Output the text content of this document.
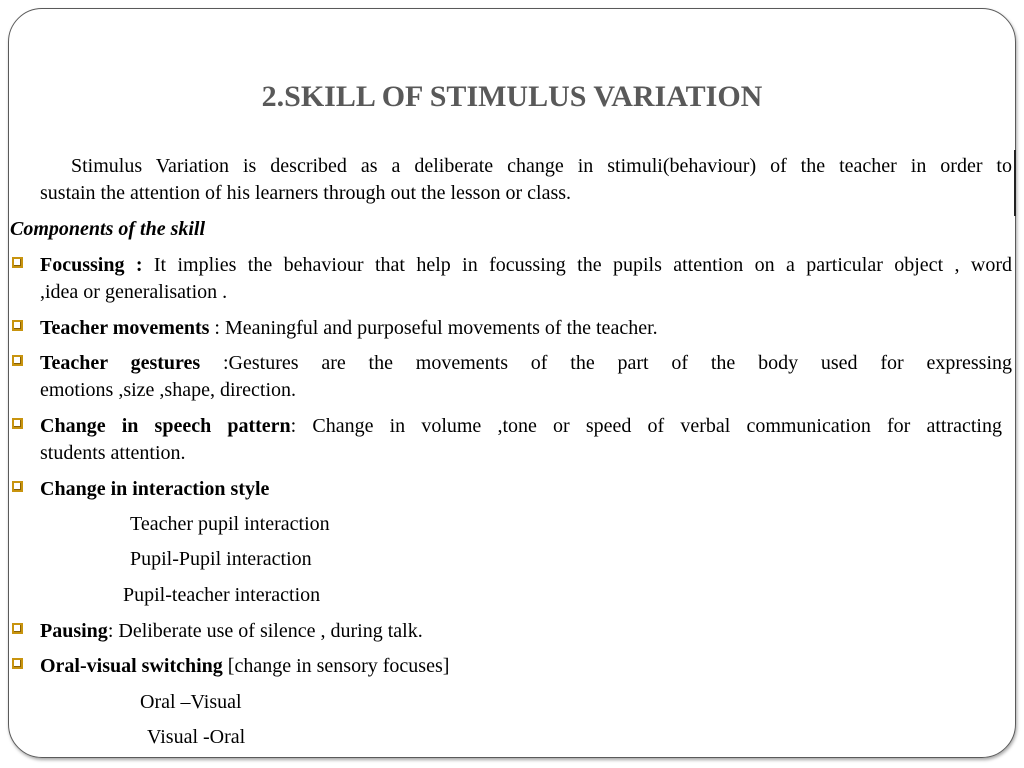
2.SKILL OF STIMULUS VARIATION
Stimulus Variation is described as a deliberate change in stimuli(behaviour) of the teacher in order to
sustain the attention of his learners through out the lesson or class.
Components of the skill
Focussing : It implies the behaviour that help in focussing the pupils attention on a particular object , word
,idea or generalisation .
Teacher movements : Meaningful and purposeful movements of the teacher.
Teacher gestures :Gestures are the movements of the part of the body used for expressing
emotions ,size ,shape, direction.
Change in speech pattern: Change in volume ,tone or speed of verbal communication for attracting
students attention.
Change in interaction style
Teacher pupil interaction
Pupil-Pupil interaction
Pupil-teacher interaction
Pausing: Deliberate use of silence , during talk.
Oral-visual switching [change in sensory focuses]
Oral –Visual
Visual -Oral
